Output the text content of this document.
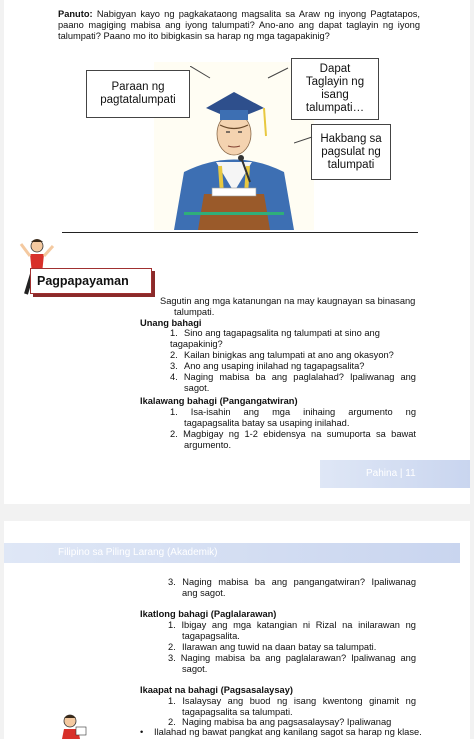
Panuto: Nabigyan kayo ng pagkakataong magsalita sa Araw ng inyong Pagtatapos,
paano magiging mabisa ang iyong talumpati? Ano-ano ang dapat taglayin ng iyong
talumpati? Paano mo ito bibigkasin sa harap ng mga tagapakinig?
Paraan ng
pagtatalumpati
Dapat
Taglayin ng
isang
talumpati…
Hakbang sa
pagsulat ng
talumpati
Pagpapayaman
Sagutin ang mga katanungan na may kaugnayan sa binasang
talumpati.
Unang bahagi
1. Sino ang tagapagsalita ng talumpati at sino ang
tagapakinig?
2. Kailan binigkas ang talumpati at ano ang okasyon?
3. Ano ang usaping inilahad ng tagapagsalita?
4. Naging mabisa ba ang paglalahad? Ipaliwanag ang
sagot.
Ikalawang bahagi (Pangangatwiran)
1. Isa-isahin ang mga inihaing argumento ng
tagapagsalita batay sa usaping inilahad.
2. Magbigay ng 1-2 ebidensya na sumuporta sa bawat
argumento.
Pahina | 11
Filipino sa Piling Larang (Akademik)
3. Naging mabisa ba ang pangangatwiran? Ipaliwanag
ang sagot.
Ikatlong bahagi (Paglalarawan)
1. Ibigay ang mga katangian ni Rizal na inilarawan ng
tagapagsalita.
2. Ilarawan ang tuwid na daan batay sa talumpati.
3. Naging mabisa ba ang paglalarawan? Ipaliwanag ang
sagot.
Ikaapat na bahagi (Pagsasalaysay)
1. Isalaysay ang buod ng isang kwentong ginamit ng
tagapagsalita sa talumpati.
2. Naging mabisa ba ang pagsasalaysay? Ipaliwanag
• Ilalahad ng bawat pangkat ang kanilang sagot sa harap ng klase.
